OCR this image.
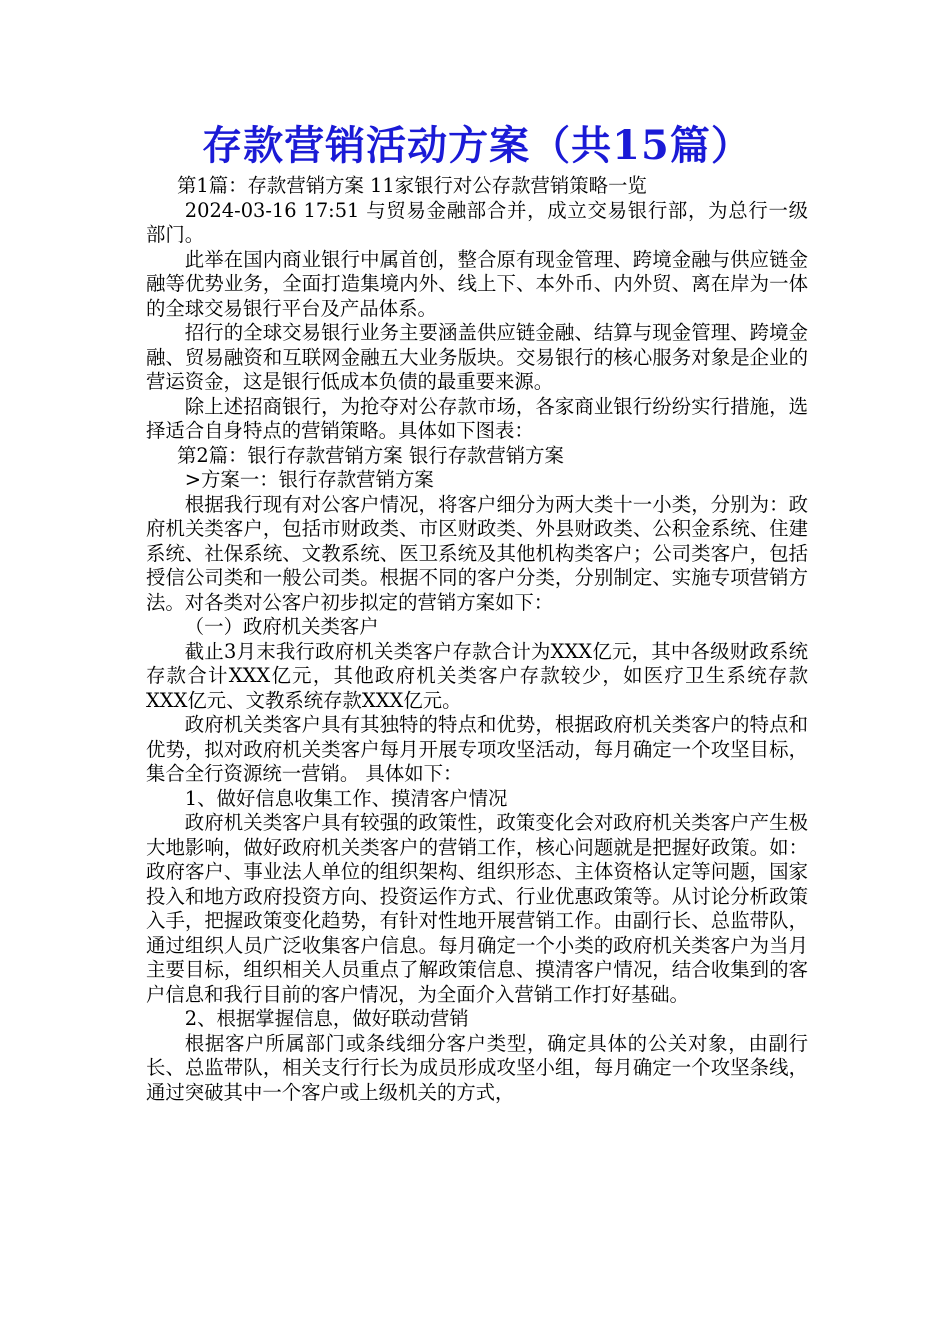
存款营销活动方案（共15篇）

第1篇：存款营销方案 11家银行对公存款营销策略一览

2024-03-16 17:51 与贸易金融部合并，成立交易银行部，为总行一级部门。

此举在国内商业银行中属首创，整合原有现金管理、跨境金融与供应链金融等优势业务，全面打造集境内外、线上下、本外币、内外贸、离在岸为一体的全球交易银行平台及产品体系。

招行的全球交易银行业务主要涵盖供应链金融、结算与现金管理、跨境金融、贸易融资和互联网金融五大业务版块。交易银行的核心服务对象是企业的营运资金，这是银行低成本负债的最重要来源。

除上述招商银行，为抢夺对公存款市场，各家商业银行纷纷实行措施，选择适合自身特点的营销策略。具体如下图表：

第2篇：银行存款营销方案 银行存款营销方案

>方案一：银行存款营销方案

根据我行现有对公客户情况，将客户细分为两大类十一小类，分别为：政府机关类客户，包括市财政类、市区财政类、外县财政类、公积金系统、住建系统、社保系统、文教系统、医卫系统及其他机构类客户；公司类客户，包括授信公司类和一般公司类。根据不同的客户分类，分别制定、实施专项营销方法。对各类对公客户初步拟定的营销方案如下：

（一）政府机关类客户

截止3月末我行政府机关类客户存款合计为XXX亿元，其中各级财政系统存款合计XXX亿元，其他政府机关类客户存款较少，如医疗卫生系统存款XXX亿元、文教系统存款XXX亿元。

政府机关类客户具有其独特的特点和优势，根据政府机关类客户的特点和优势，拟对政府机关类客户每月开展专项攻坚活动，每月确定一个攻坚目标，集合全行资源统一营销。 具体如下：

1、做好信息收集工作、摸清客户情况

政府机关类客户具有较强的政策性，政策变化会对政府机关类客户产生极大地影响，做好政府机关类客户的营销工作，核心问题就是把握好政策。如：政府客户、事业法人单位的组织架构、组织形态、主体资格认定等问题，国家投入和地方政府投资方向、投资运作方式、行业优惠政策等。从讨论分析政策入手，把握政策变化趋势，有针对性地开展营销工作。由副行长、总监带队，通过组织人员广泛收集客户信息。每月确定一个小类的政府机关类客户为当月主要目标，组织相关人员重点了解政策信息、摸清客户情况，结合收集到的客户信息和我行目前的客户情况，为全面介入营销工作打好基础。

2、根据掌握信息，做好联动营销

根据客户所属部门或条线细分客户类型，确定具体的公关对象，由副行长、总监带队，相关支行行长为成员形成攻坚小组，每月确定一个攻坚条线，通过突破其中一个客户或上级机关的方式，
